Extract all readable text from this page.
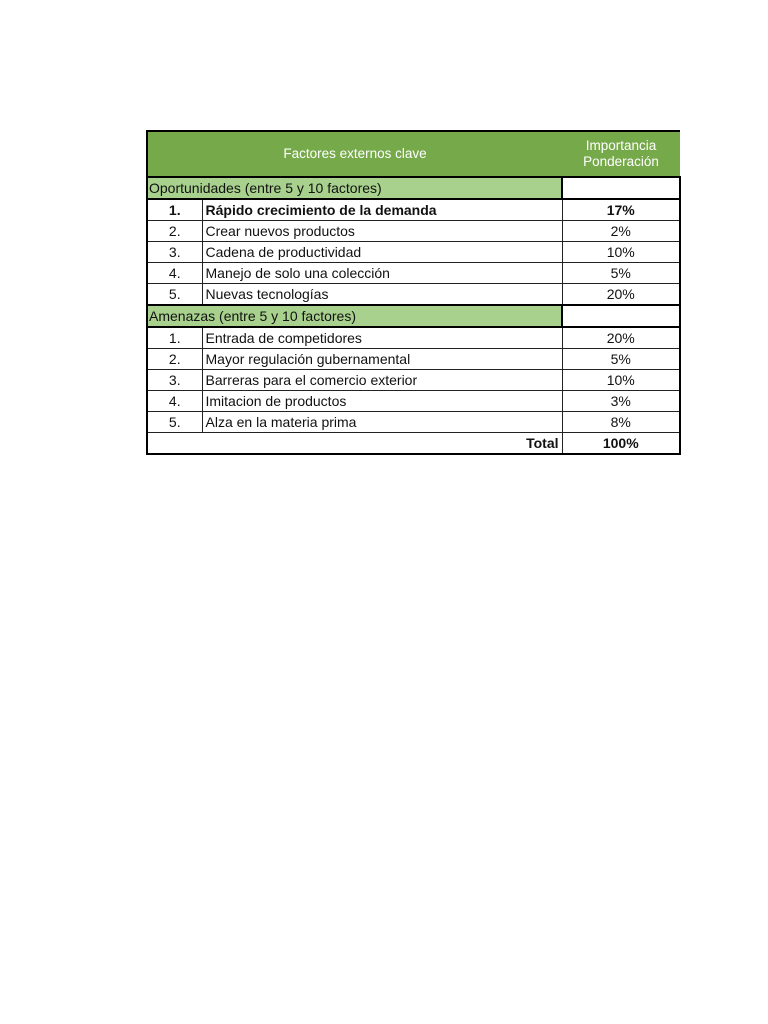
Factores externos clave		Importancia
Ponderación
Oportunidades (entre 5 y 10 factores)		
1.	Rápido crecimiento de la demanda	17%
2.	Crear nuevos productos	2%
3.	Cadena de productividad	10%
4.	Manejo de solo una colección	5%
5.	Nuevas tecnologías	20%
Amenazas (entre 5 y 10 factores)		
1.	Entrada de competidores	20%
2.	Mayor regulación gubernamental	5%
3.	Barreras para el comercio exterior	10%
4.	Imitacion de productos	3%
5.	Alza en la materia prima	8%
Total		100%
